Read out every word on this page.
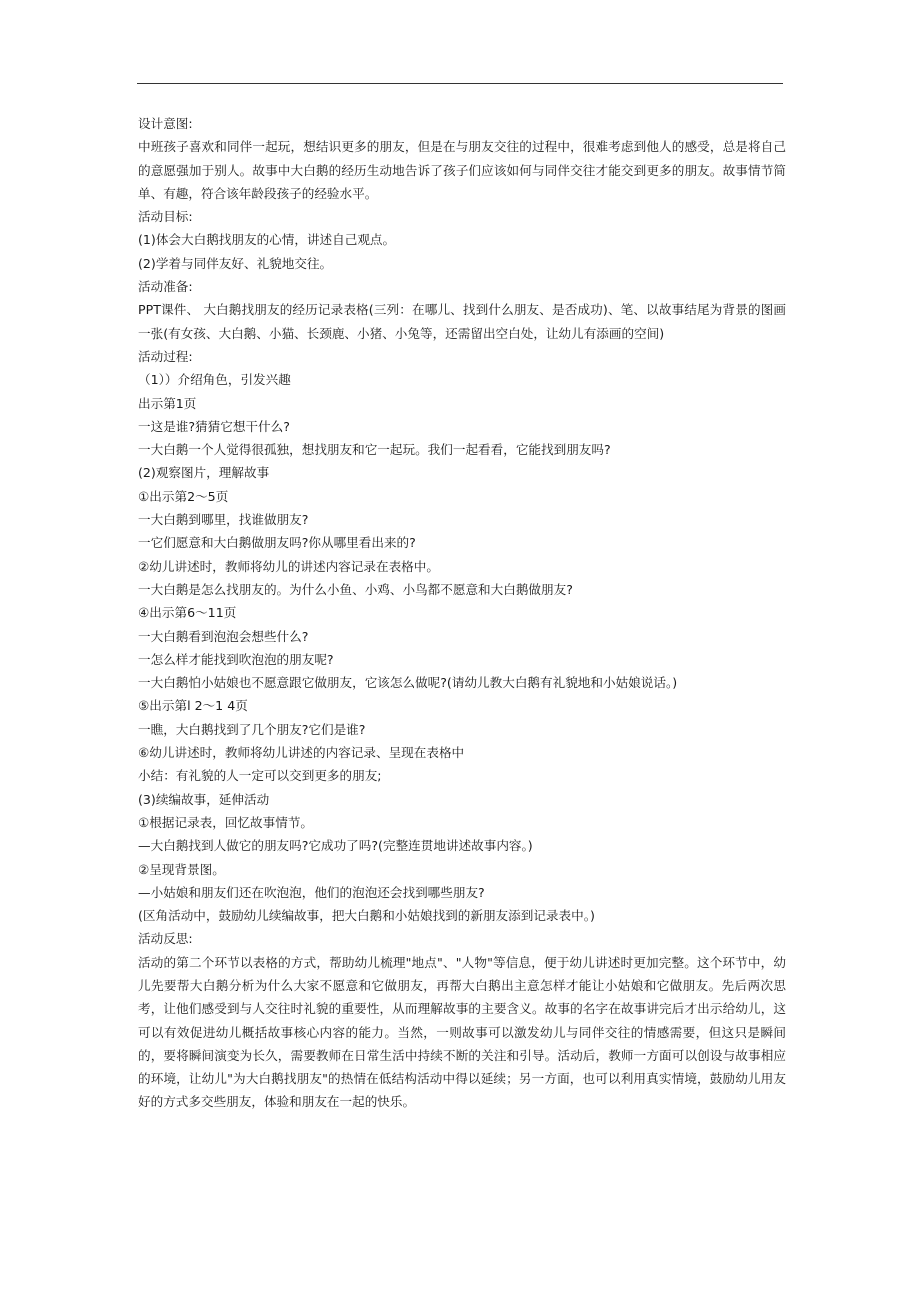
设计意图:

中班孩子喜欢和同伴一起玩，想结识更多的朋友，但是在与朋友交往的过程中，很难考虑到他人的感受，总是将自己的意愿强加于别人。故事中大白鹅的经历生动地告诉了孩子们应该如何与同伴交往才能交到更多的朋友。故事情节简单、有趣，符合该年龄段孩子的经验水平。

活动目标:

(1)体会大白鹅找朋友的心情，讲述自己观点。

(2)学着与同伴友好、礼貌地交往。

活动准备:

PPT课件、 大白鹅找朋友的经历记录表格(三列：在哪儿、找到什么朋友、是否成功)、笔、以故事结尾为背景的图画一张(有女孩、大白鹅、小猫、长颈鹿、小猪、小兔等，还需留出空白处，让幼儿有添画的空间)

活动过程:

（1））介绍角色，引发兴趣

出示第1页

一这是谁?猜猜它想干什么?

一大白鹅一个人觉得很孤独，想找朋友和它一起玩。我们一起看看，它能找到朋友吗?

(2)观察图片，理解故事

①出示第2～5页

一大白鹅到哪里，找谁做朋友?

一它们愿意和大白鹅做朋友吗?你从哪里看出来的?

②幼儿讲述时，教师将幼儿的讲述内容记录在表格中。

一大白鹅是怎么找朋友的。为什么小鱼、小鸡、小鸟都不愿意和大白鹅做朋友?

④出示第6～11页

一大白鹅看到泡泡会想些什么?

一怎么样才能找到吹泡泡的朋友呢?

一大白鹅怕小姑娘也不愿意跟它做朋友，它该怎么做呢?(请幼儿教大白鹅有礼貌地和小姑娘说话。)

⑤出示第l 2～1 4页

一瞧，大白鹅找到了几个朋友?它们是谁?

⑥幼儿讲述时，教师将幼儿讲述的内容记录、呈现在表格中

小结：有礼貌的人一定可以交到更多的朋友;

(3)续编故事，延伸活动

①根据记录表，回忆故事情节。

—大白鹅找到人做它的朋友吗?它成功了吗?(完整连贯地讲述故事内容。)

②呈现背景图。

—小姑娘和朋友们还在吹泡泡，他们的泡泡还会找到哪些朋友?

(区角活动中，鼓励幼儿续编故事，把大白鹅和小姑娘找到的新朋友添到记录表中。)

活动反思:

活动的第二个环节以表格的方式，帮助幼儿梳理"地点"、"人物"等信息，便于幼儿讲述时更加完整。这个环节中，幼儿先要帮大白鹅分析为什么大家不愿意和它做朋友，再帮大白鹅出主意怎样才能让小姑娘和它做朋友。先后两次思考，让他们感受到与人交往时礼貌的重要性，从而理解故事的主要含义。故事的名字在故事讲完后才出示给幼儿，这可以有效促进幼儿概括故事核心内容的能力。当然，一则故事可以激发幼儿与同伴交往的情感需要，但这只是瞬间的，要将瞬间演变为长久，需要教师在日常生活中持续不断的关注和引导。活动后，教师一方面可以创设与故事相应的环境，让幼儿"为大白鹅找朋友"的热情在低结构活动中得以延续；另一方面，也可以利用真实情境，鼓励幼儿用友好的方式多交些朋友，体验和朋友在一起的快乐。
